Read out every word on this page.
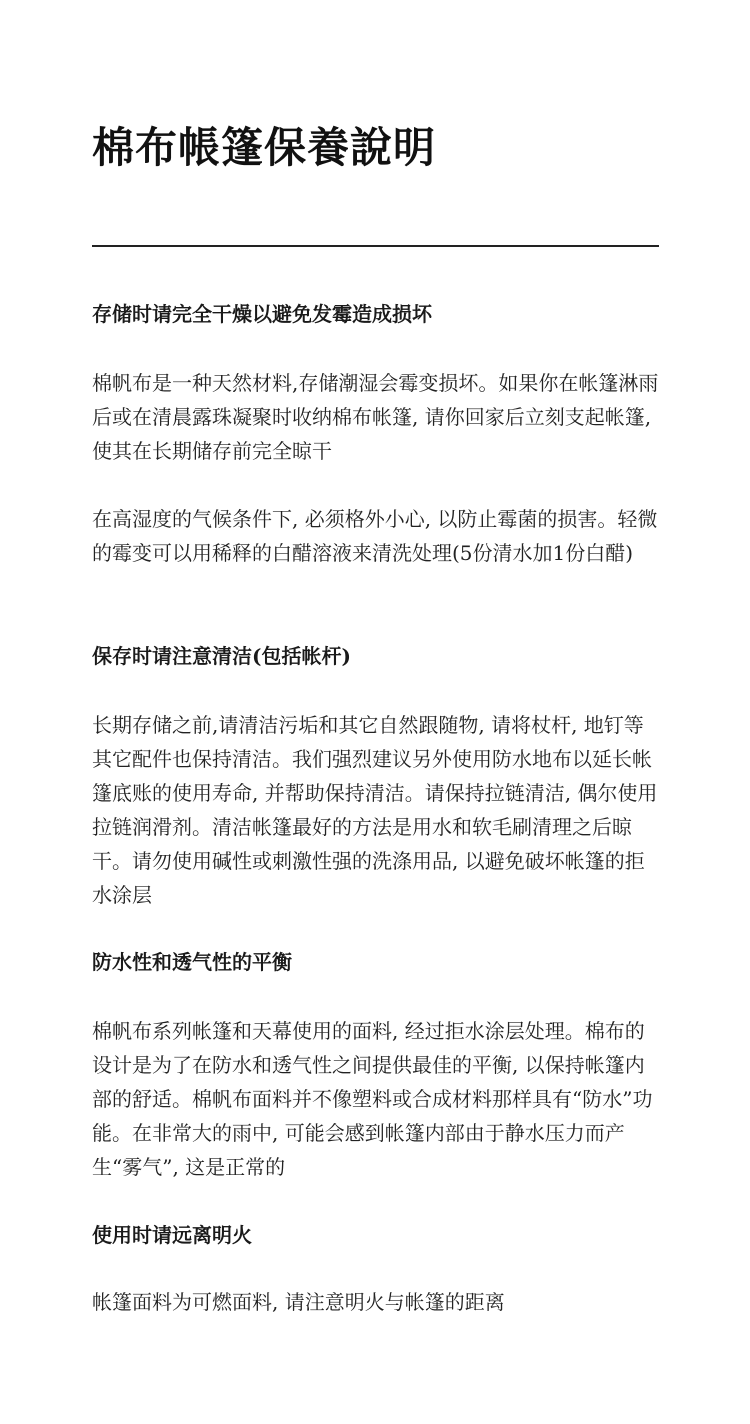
棉布帳篷保養說明
存储时请完全干燥以避免发霉造成损坏

棉帆布是一种天然材料,存储潮湿会霉变损坏。如果你在帐篷淋雨后或在清晨露珠凝聚时收纳棉布帐篷, 请你回家后立刻支起帐篷, 使其在长期储存前完全晾干

在高湿度的气候条件下, 必须格外小心, 以防止霉菌的损害。轻微的霉变可以用稀释的白醋溶液来清洗处理(5份清水加1份白醋)

保存时请注意清洁(包括帐杆)

长期存储之前,请清洁污垢和其它自然跟随物, 请将杖杆, 地钉等其它配件也保持清洁。我们强烈建议另外使用防水地布以延长帐篷底账的使用寿命, 并帮助保持清洁。请保持拉链清洁, 偶尔使用拉链润滑剂。清洁帐篷最好的方法是用水和软毛刷清理之后晾干。请勿使用碱性或刺激性强的洗涤用品, 以避免破坏帐篷的拒水涂层

防水性和透气性的平衡

棉帆布系列帐篷和天幕使用的面料, 经过拒水涂层处理。棉布的设计是为了在防水和透气性之间提供最佳的平衡, 以保持帐篷内部的舒适。棉帆布面料并不像塑料或合成材料那样具有“防水”功能。在非常大的雨中, 可能会感到帐篷内部由于静水压力而产生“雾气”, 这是正常的

使用时请远离明火

帐篷面料为可燃面料, 请注意明火与帐篷的距离
